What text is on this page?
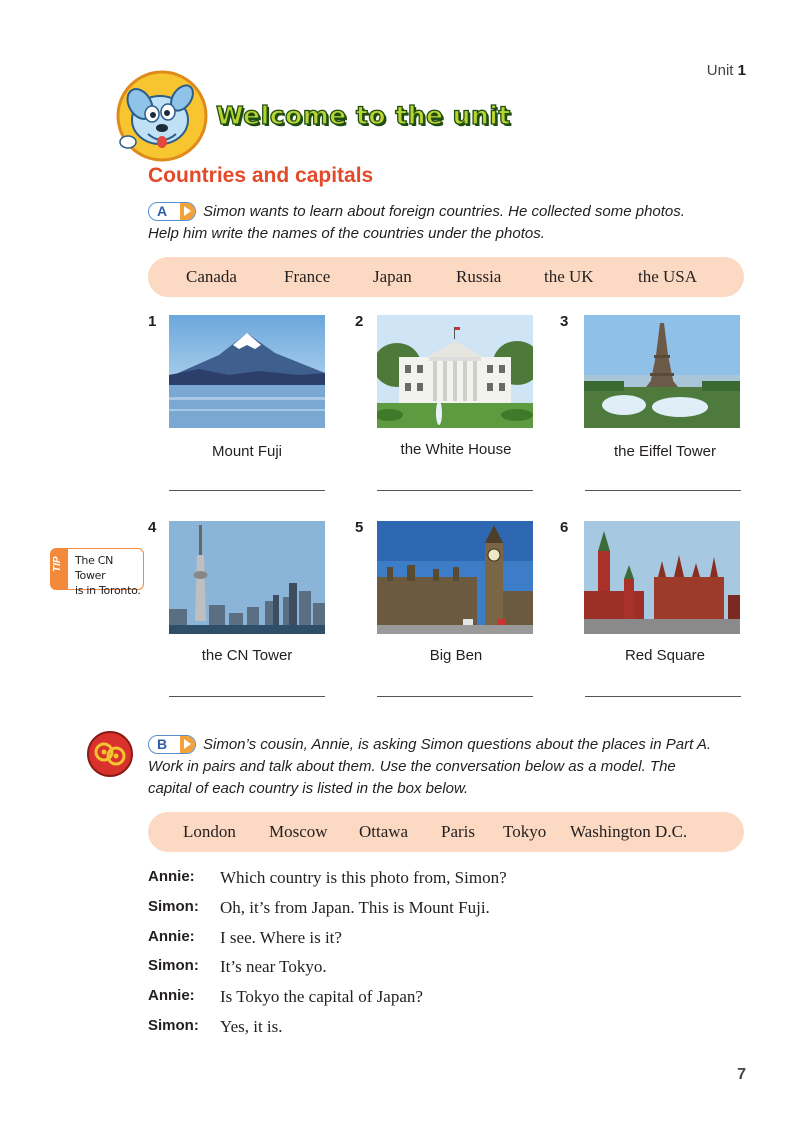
Unit 1
Welcome to the unit
Countries and capitals
A	Simon wants to learn about foreign countries. He collected some photos.
Help him write the names of the countries under the photos.
Canada	France	Japan	Russia	the UK	the USA
1
Mount Fuji
2
the White House
3
the Eiffel Tower
4
the CN Tower
5
Big Ben
6
Red Square
TIP	The CN Tower
is in Toronto.
B	Simon’s cousin, Annie, is asking Simon questions about the places in Part A.
Work in pairs and talk about them. Use the conversation below as a model. The
capital of each country is listed in the box below.
London Moscow Ottawa Paris Tokyo Washington D.C.
Annie: Which country is this photo from, Simon?
Simon: Oh, it’s from Japan. This is Mount Fuji.
Annie: I see. Where is it?
Simon: It’s near Tokyo.
Annie: Is Tokyo the capital of Japan?
Simon: Yes, it is.
7
